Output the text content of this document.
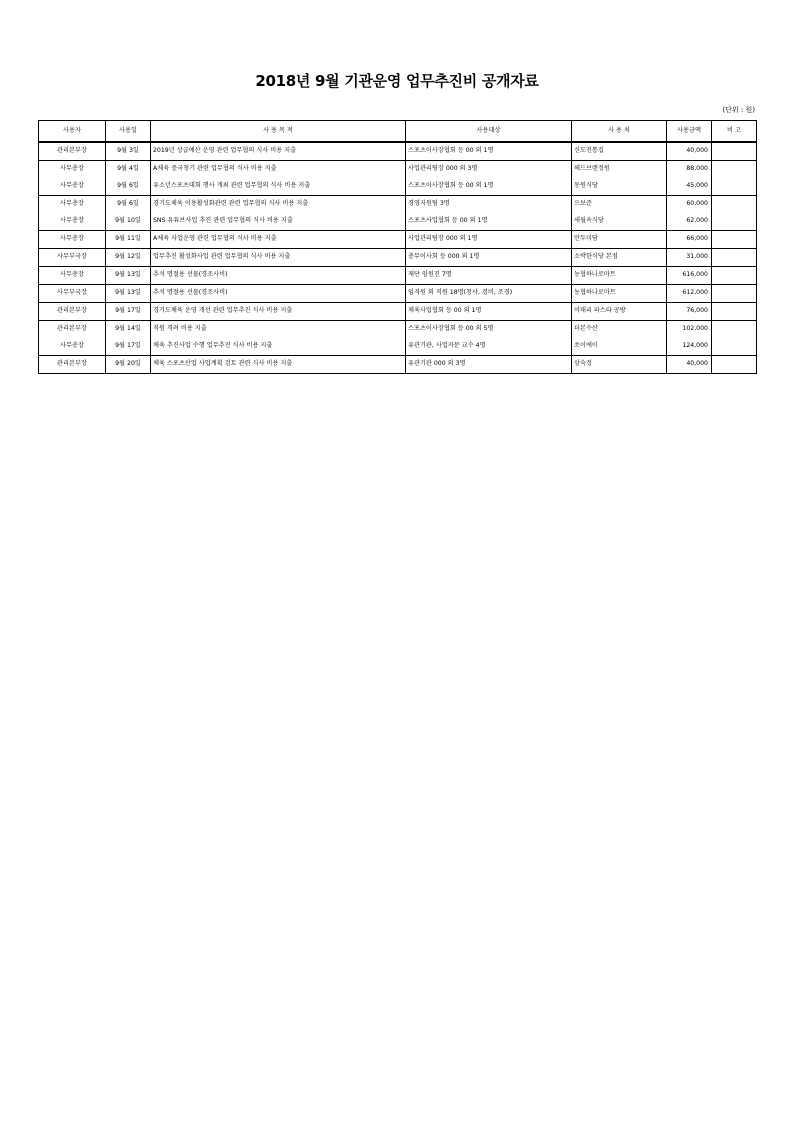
2018년 9월 기관운영 업무추진비 공개자료
(단위 : 원)
사용자	사용일	사 용 목 적	사용대상	사 용 처	사용금액	비 고
관리본부장	9월 3일	2019년 상급예산 운영 관련 업무협의 식사 비용 지출	스포츠이사장협회 등 00 외 1명	신도전통집	40,000	
사무총장	9월 4일	A체육 중국청기 관련 업무협의 식사 비용 지출	사업관리팀장 000 외 3명	헤드브랜정원	88,000	
사무총장	9월 6일	유소년스포츠대회 행사 개최 관련 업무협의 식사 비용 지출	스포츠이사장협회 등 00 외 1명	동원식당	45,000	
사무총장	9월 6일	경기도체육 이용활성화관련 관련 업무협의 식사 비용 지출	경영지원팀 3명	으보준	60,000	
사무총장	9월 10일	SNS 유튜브사업 추진 관련 업무협의 식사 비용 지출	스포츠사업협회 등 00 외 1명	세월옥식당	62,000	
사무총장	9월 11일	A체육 사업운영 관련 업무협의 식사 비용 지출	사업관리팀장 000 외 1명	만두미담	66,000	
사무부국장	9월 12일	업무추진 활성화사업 관련 업무협의 식사 비용 지출	총무이사회 등 000 외 1명	소박한식당 본점	31,000	
사무총장	9월 13일	추석 명절용 선물(경조사비)	재단 임원진 7명	농협하나로마트	616,000	
사무부국장	9월 13일	추석 명절용 선물(경조사비)	임직원 외 직원 18명(청사, 경비, 조경)	농협하나로마트	612,000	
관리본부장	9월 17일	경기도체육 운영 개선 관련 업무추진 식사 비용 지출	체육사업협회 등 00 외 1명	이태리 파스타 공방	76,000	
관리본부장	9월 14일	직원 격려 비용 지출	스포츠이사장협회 등 00 외 5명	더본수산	102,000	
사무총장	9월 17일	체육 추진사업 수행 업무추진 식사 비용 지출	유관기관, 사업자문 교수 4명	쏘이에이	124,000	
관리본부장	9월 20일	체육 스포츠산업 사업계획 검토 관련 식사 비용 지출	유관기관 000 외 3명	삼숙정	40,000	
